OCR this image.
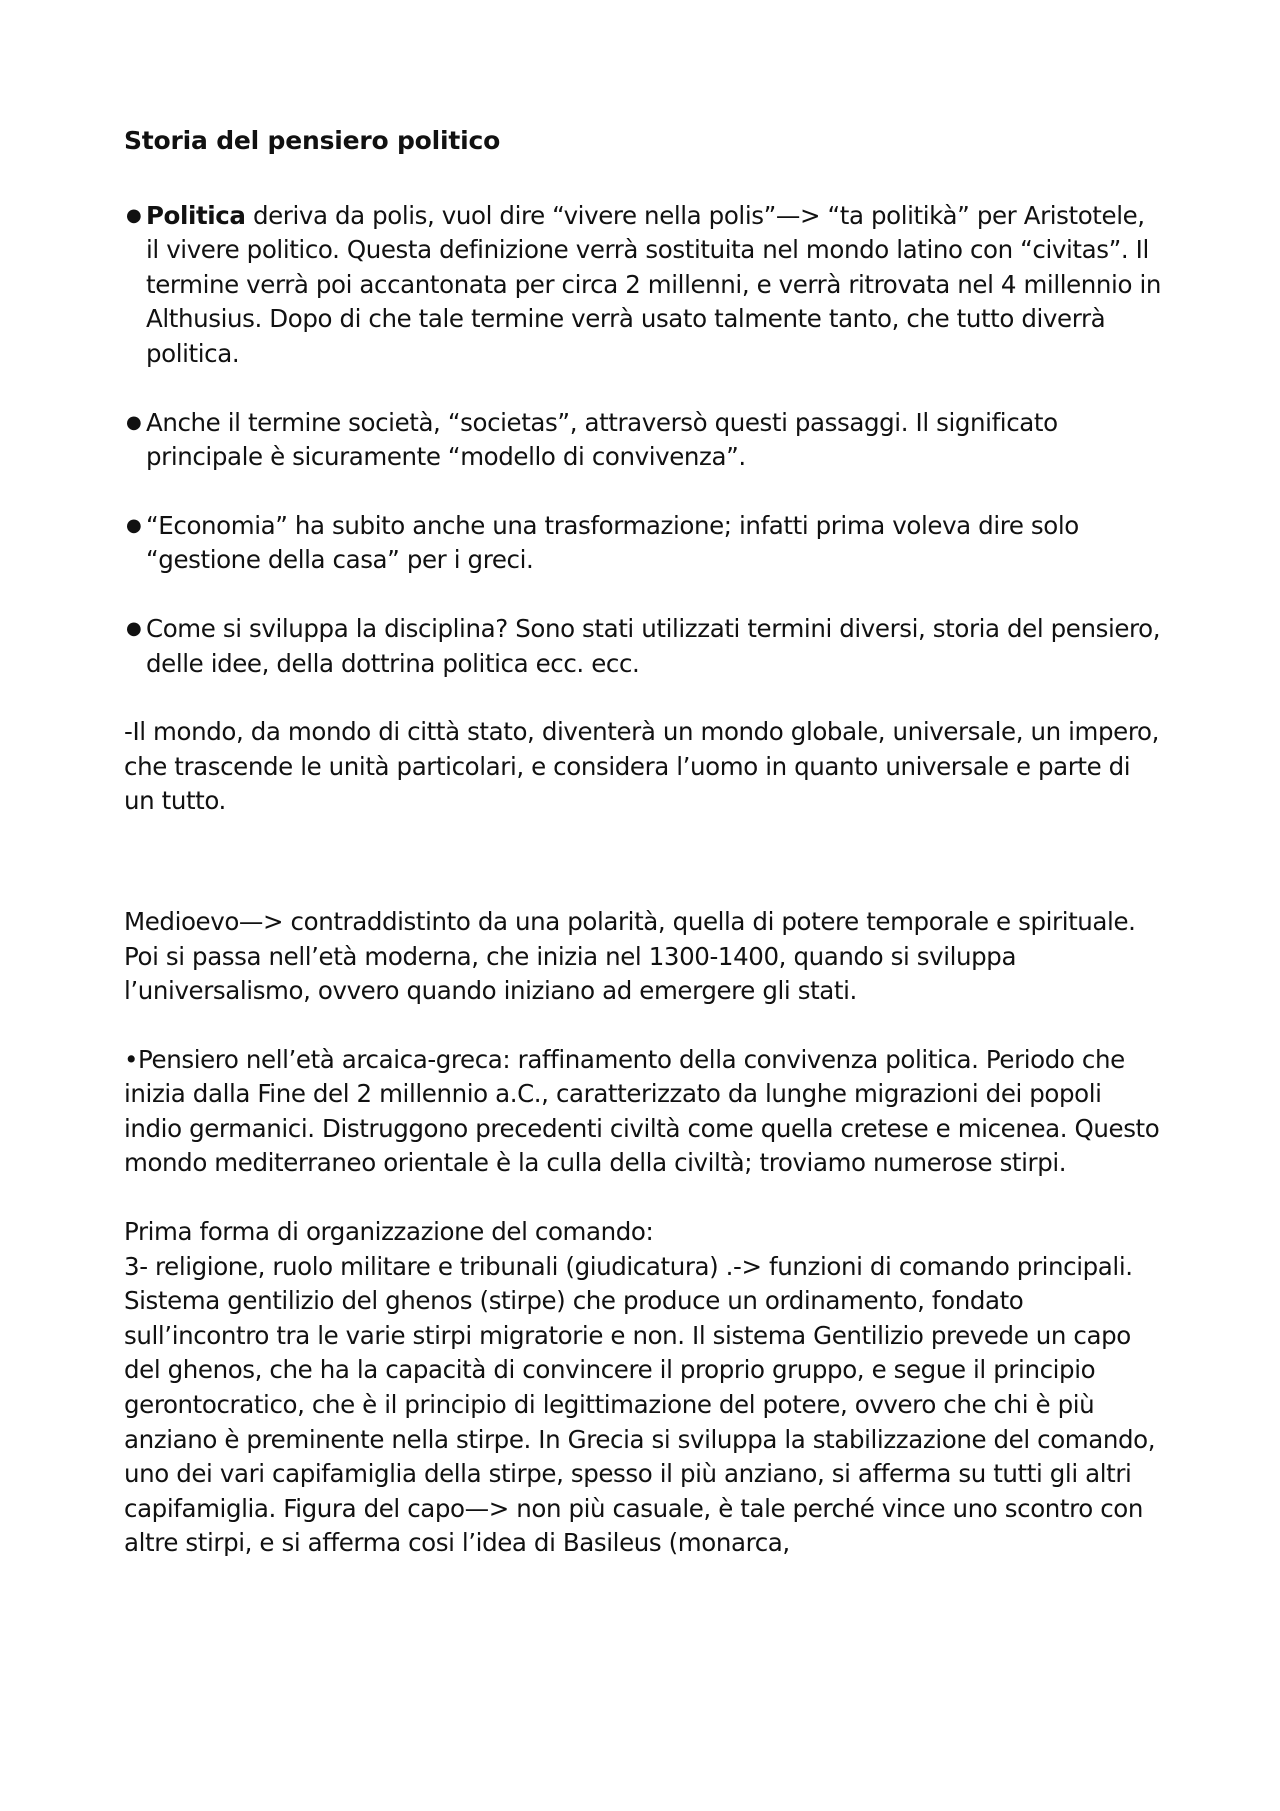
Storia del pensiero politico
● Politica deriva da polis, vuol dire “vivere nella polis”—> “ta politikà” per Aristotele, il vivere politico. Questa definizione verrà sostituita nel mondo latino con “civitas”. Il termine verrà poi accantonata per circa 2 millenni, e verrà ritrovata nel 4 millennio in Althusius. Dopo di che tale termine verrà usato talmente tanto, che tutto diverrà politica.
● Anche il termine società, “societas”, attraversò questi passaggi. Il significato principale è sicuramente “modello di convivenza”.
● “Economia” ha subito anche una trasformazione; infatti prima voleva dire solo “gestione della casa” per i greci.
● Come si sviluppa la disciplina? Sono stati utilizzati termini diversi, storia del pensiero, delle idee, della dottrina politica ecc. ecc.

-Il mondo, da mondo di città stato, diventerà un mondo globale, universale, un impero, che trascende le unità particolari, e considera l’uomo in quanto universale e parte di un tutto.

Medioevo—> contraddistinto da una polarità, quella di potere temporale e spirituale.

Poi si passa nell’età moderna, che inizia nel 1300-1400, quando si sviluppa l’universalismo, ovvero quando iniziano ad emergere gli stati.

•Pensiero nell’età arcaica-greca: raffinamento della convivenza politica. Periodo che inizia dalla Fine del 2 millennio a.C., caratterizzato da lunghe migrazioni dei popoli indio germanici. Distruggono precedenti civiltà come quella cretese e micenea. Questo mondo mediterraneo orientale è la culla della civiltà; troviamo numerose stirpi.

Prima forma di organizzazione del comando:

3- religione, ruolo militare e tribunali (giudicatura) .-> funzioni di comando principali.

Sistema gentilizio del ghenos (stirpe) che produce un ordinamento, fondato sull’incontro tra le varie stirpi migratorie e non. Il sistema Gentilizio prevede un capo del ghenos, che ha la capacità di convincere il proprio gruppo, e segue il principio gerontocratico, che è il principio di legittimazione del potere, ovvero che chi è più anziano è preminente nella stirpe. In Grecia si sviluppa la stabilizzazione del comando, uno dei vari capifamiglia della stirpe, spesso il più anziano, si afferma su tutti gli altri capifamiglia. Figura del capo—> non più casuale, è tale perché vince uno scontro con altre stirpi, e si afferma cosi l’idea di Basileus (monarca,
